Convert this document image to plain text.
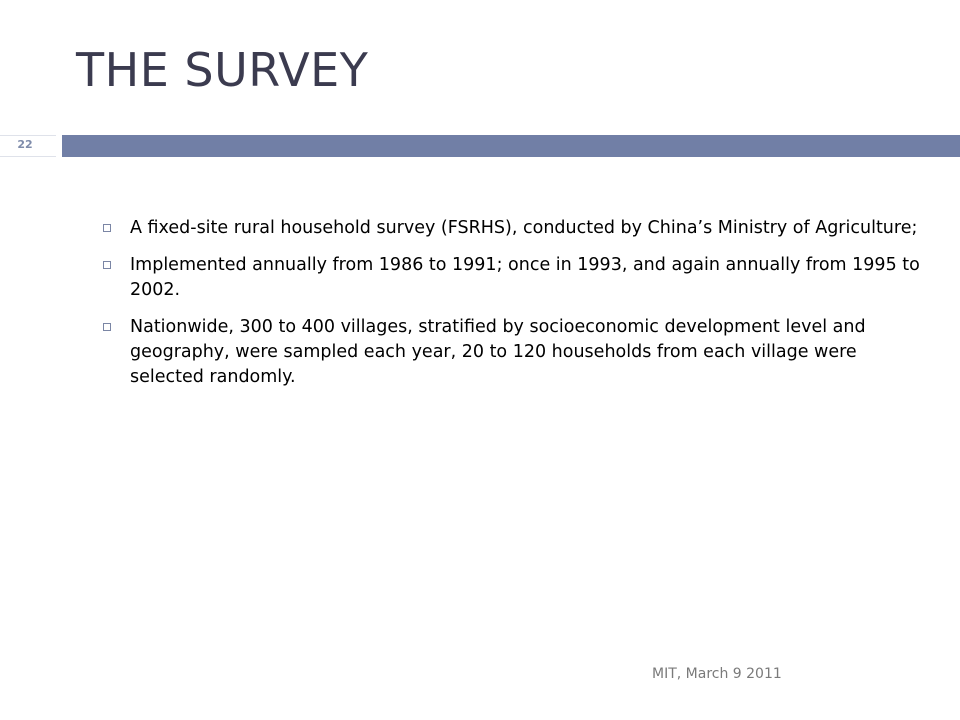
THE SURVEY
22
A fixed-site rural household survey (FSRHS), conducted by China’s Ministry of Agriculture;
Implemented annually from 1986 to 1991; once in 1993, and again annually from 1995 to 2002.
Nationwide, 300 to 400 villages, stratified by socioeconomic development level and geography, were sampled each year, 20 to 120 households from each village were selected randomly.
MIT, March 9 2011
